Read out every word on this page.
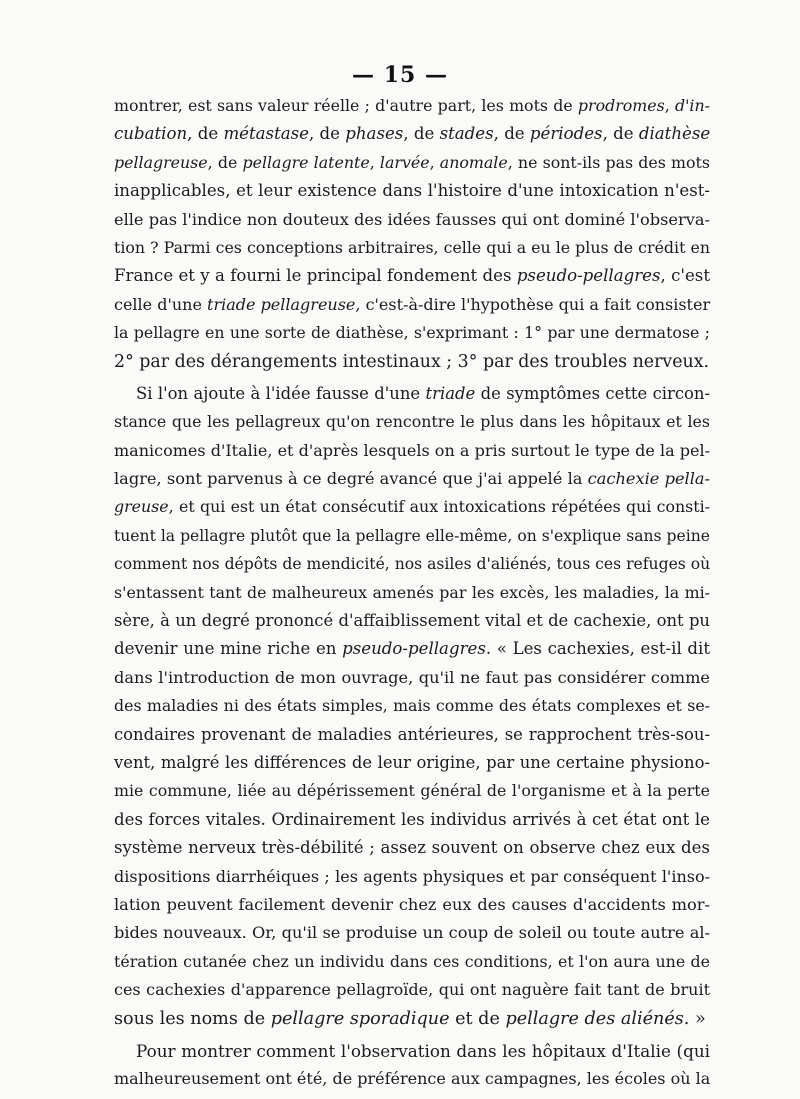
— 15 —
montrer, est sans valeur réelle ; d'autre part, les mots de prodromes, d'in-
cubation, de métastase, de phases, de stades, de périodes, de diathèse
pellagreuse, de pellagre latente, larvée, anomale, ne sont-ils pas des mots
inapplicables, et leur existence dans l'histoire d'une intoxication n'est-
elle pas l'indice non douteux des idées fausses qui ont dominé l'observa-
tion ? Parmi ces conceptions arbitraires, celle qui a eu le plus de crédit en
France et y a fourni le principal fondement des pseudo-pellagres, c'est
celle d'une triade pellagreuse, c'est-à-dire l'hypothèse qui a fait consister
la pellagre en une sorte de diathèse, s'exprimant : 1° par une dermatose ;
2° par des dérangements intestinaux ; 3° par des troubles nerveux.
Si l'on ajoute à l'idée fausse d'une triade de symptômes cette circon-
stance que les pellagreux qu'on rencontre le plus dans les hôpitaux et les
manicomes d'Italie, et d'après lesquels on a pris surtout le type de la pel-
lagre, sont parvenus à ce degré avancé que j'ai appelé la cachexie pella-
greuse, et qui est un état consécutif aux intoxications répétées qui consti-
tuent la pellagre plutôt que la pellagre elle-même, on s'explique sans peine
comment nos dépôts de mendicité, nos asiles d'aliénés, tous ces refuges où
s'entassent tant de malheureux amenés par les excès, les maladies, la mi-
sère, à un degré prononcé d'affaiblissement vital et de cachexie, ont pu
devenir une mine riche en pseudo-pellagres. « Les cachexies, est-il dit
dans l'introduction de mon ouvrage, qu'il ne faut pas considérer comme
des maladies ni des états simples, mais comme des états complexes et se-
condaires provenant de maladies antérieures, se rapprochent très-sou-
vent, malgré les différences de leur origine, par une certaine physiono-
mie commune, liée au dépérissement général de l'organisme et à la perte
des forces vitales. Ordinairement les individus arrivés à cet état ont le
système nerveux très-débilité ; assez souvent on observe chez eux des
dispositions diarrhéiques ; les agents physiques et par conséquent l'inso-
lation peuvent facilement devenir chez eux des causes d'accidents mor-
bides nouveaux. Or, qu'il se produise un coup de soleil ou toute autre al-
tération cutanée chez un individu dans ces conditions, et l'on aura une de
ces cachexies d'apparence pellagroïde, qui ont naguère fait tant de bruit
sous les noms de pellagre sporadique et de pellagre des aliénés. »
Pour montrer comment l'observation dans les hôpitaux d'Italie (qui
malheureusement ont été, de préférence aux campagnes, les écoles où la
